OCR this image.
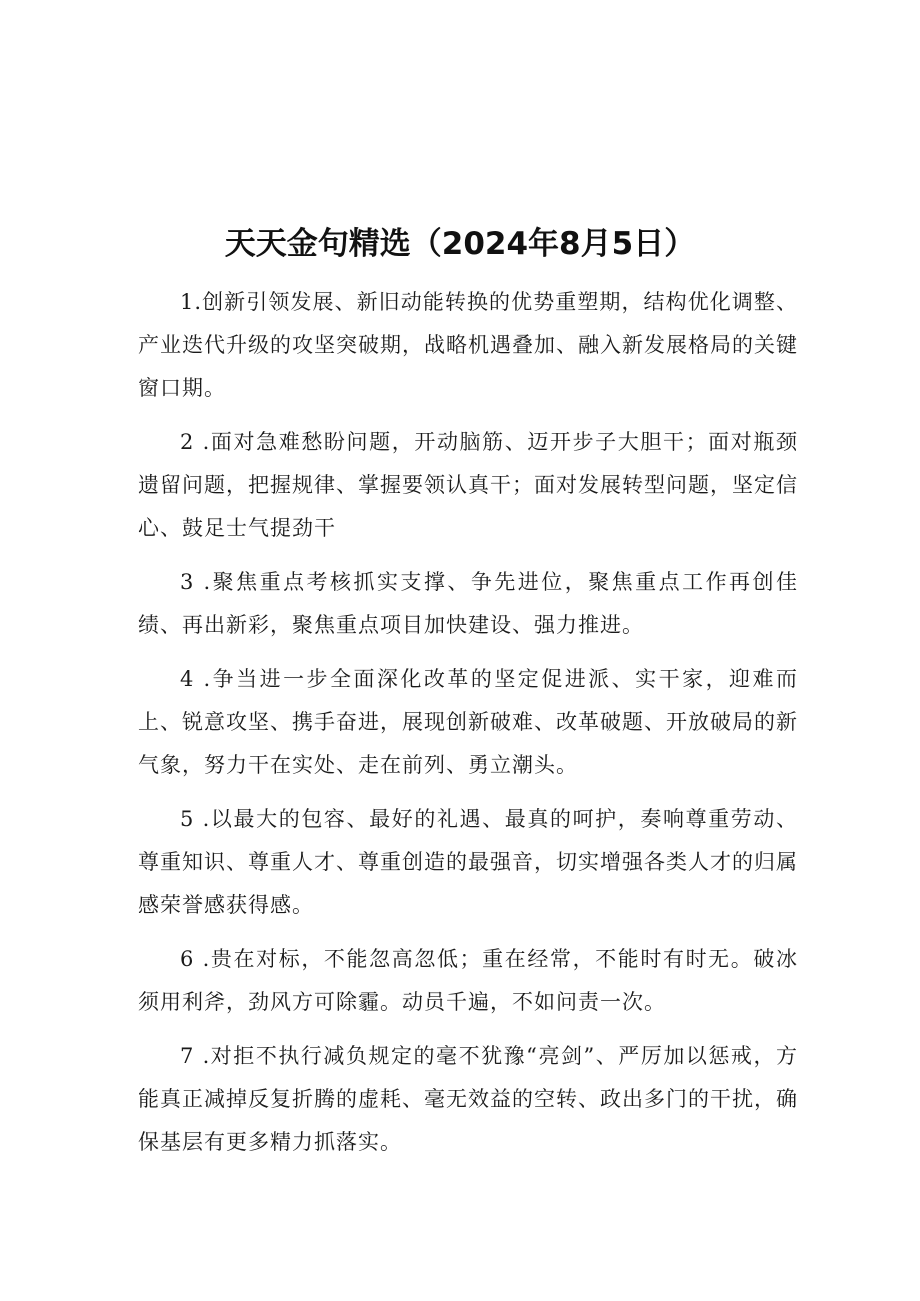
天天金句精选（2024年8月5日）

1.创新引领发展、新旧动能转换的优势重塑期，结构优化调整、产业迭代升级的攻坚突破期，战略机遇叠加、融入新发展格局的关键窗口期。

2 .面对急难愁盼问题，开动脑筋、迈开步子大胆干；面对瓶颈遗留问题，把握规律、掌握要领认真干；面对发展转型问题，坚定信心、鼓足士气提劲干

3 .聚焦重点考核抓实支撑、争先进位，聚焦重点工作再创佳绩、再出新彩，聚焦重点项目加快建设、强力推进。

4 .争当进一步全面深化改革的坚定促进派、实干家，迎难而上、锐意攻坚、携手奋进，展现创新破难、改革破题、开放破局的新气象，努力干在实处、走在前列、勇立潮头。

5 .以最大的包容、最好的礼遇、最真的呵护，奏响尊重劳动、尊重知识、尊重人才、尊重创造的最强音，切实增强各类人才的归属感荣誉感获得感。

6 .贵在对标，不能忽高忽低；重在经常，不能时有时无。破冰须用利斧，劲风方可除霾。动员千遍，不如问责一次。

7 .对拒不执行减负规定的毫不犹豫“亮剑”、严厉加以惩戒，方能真正减掉反复折腾的虚耗、毫无效益的空转、政出多门的干扰，确保基层有更多精力抓落实。
